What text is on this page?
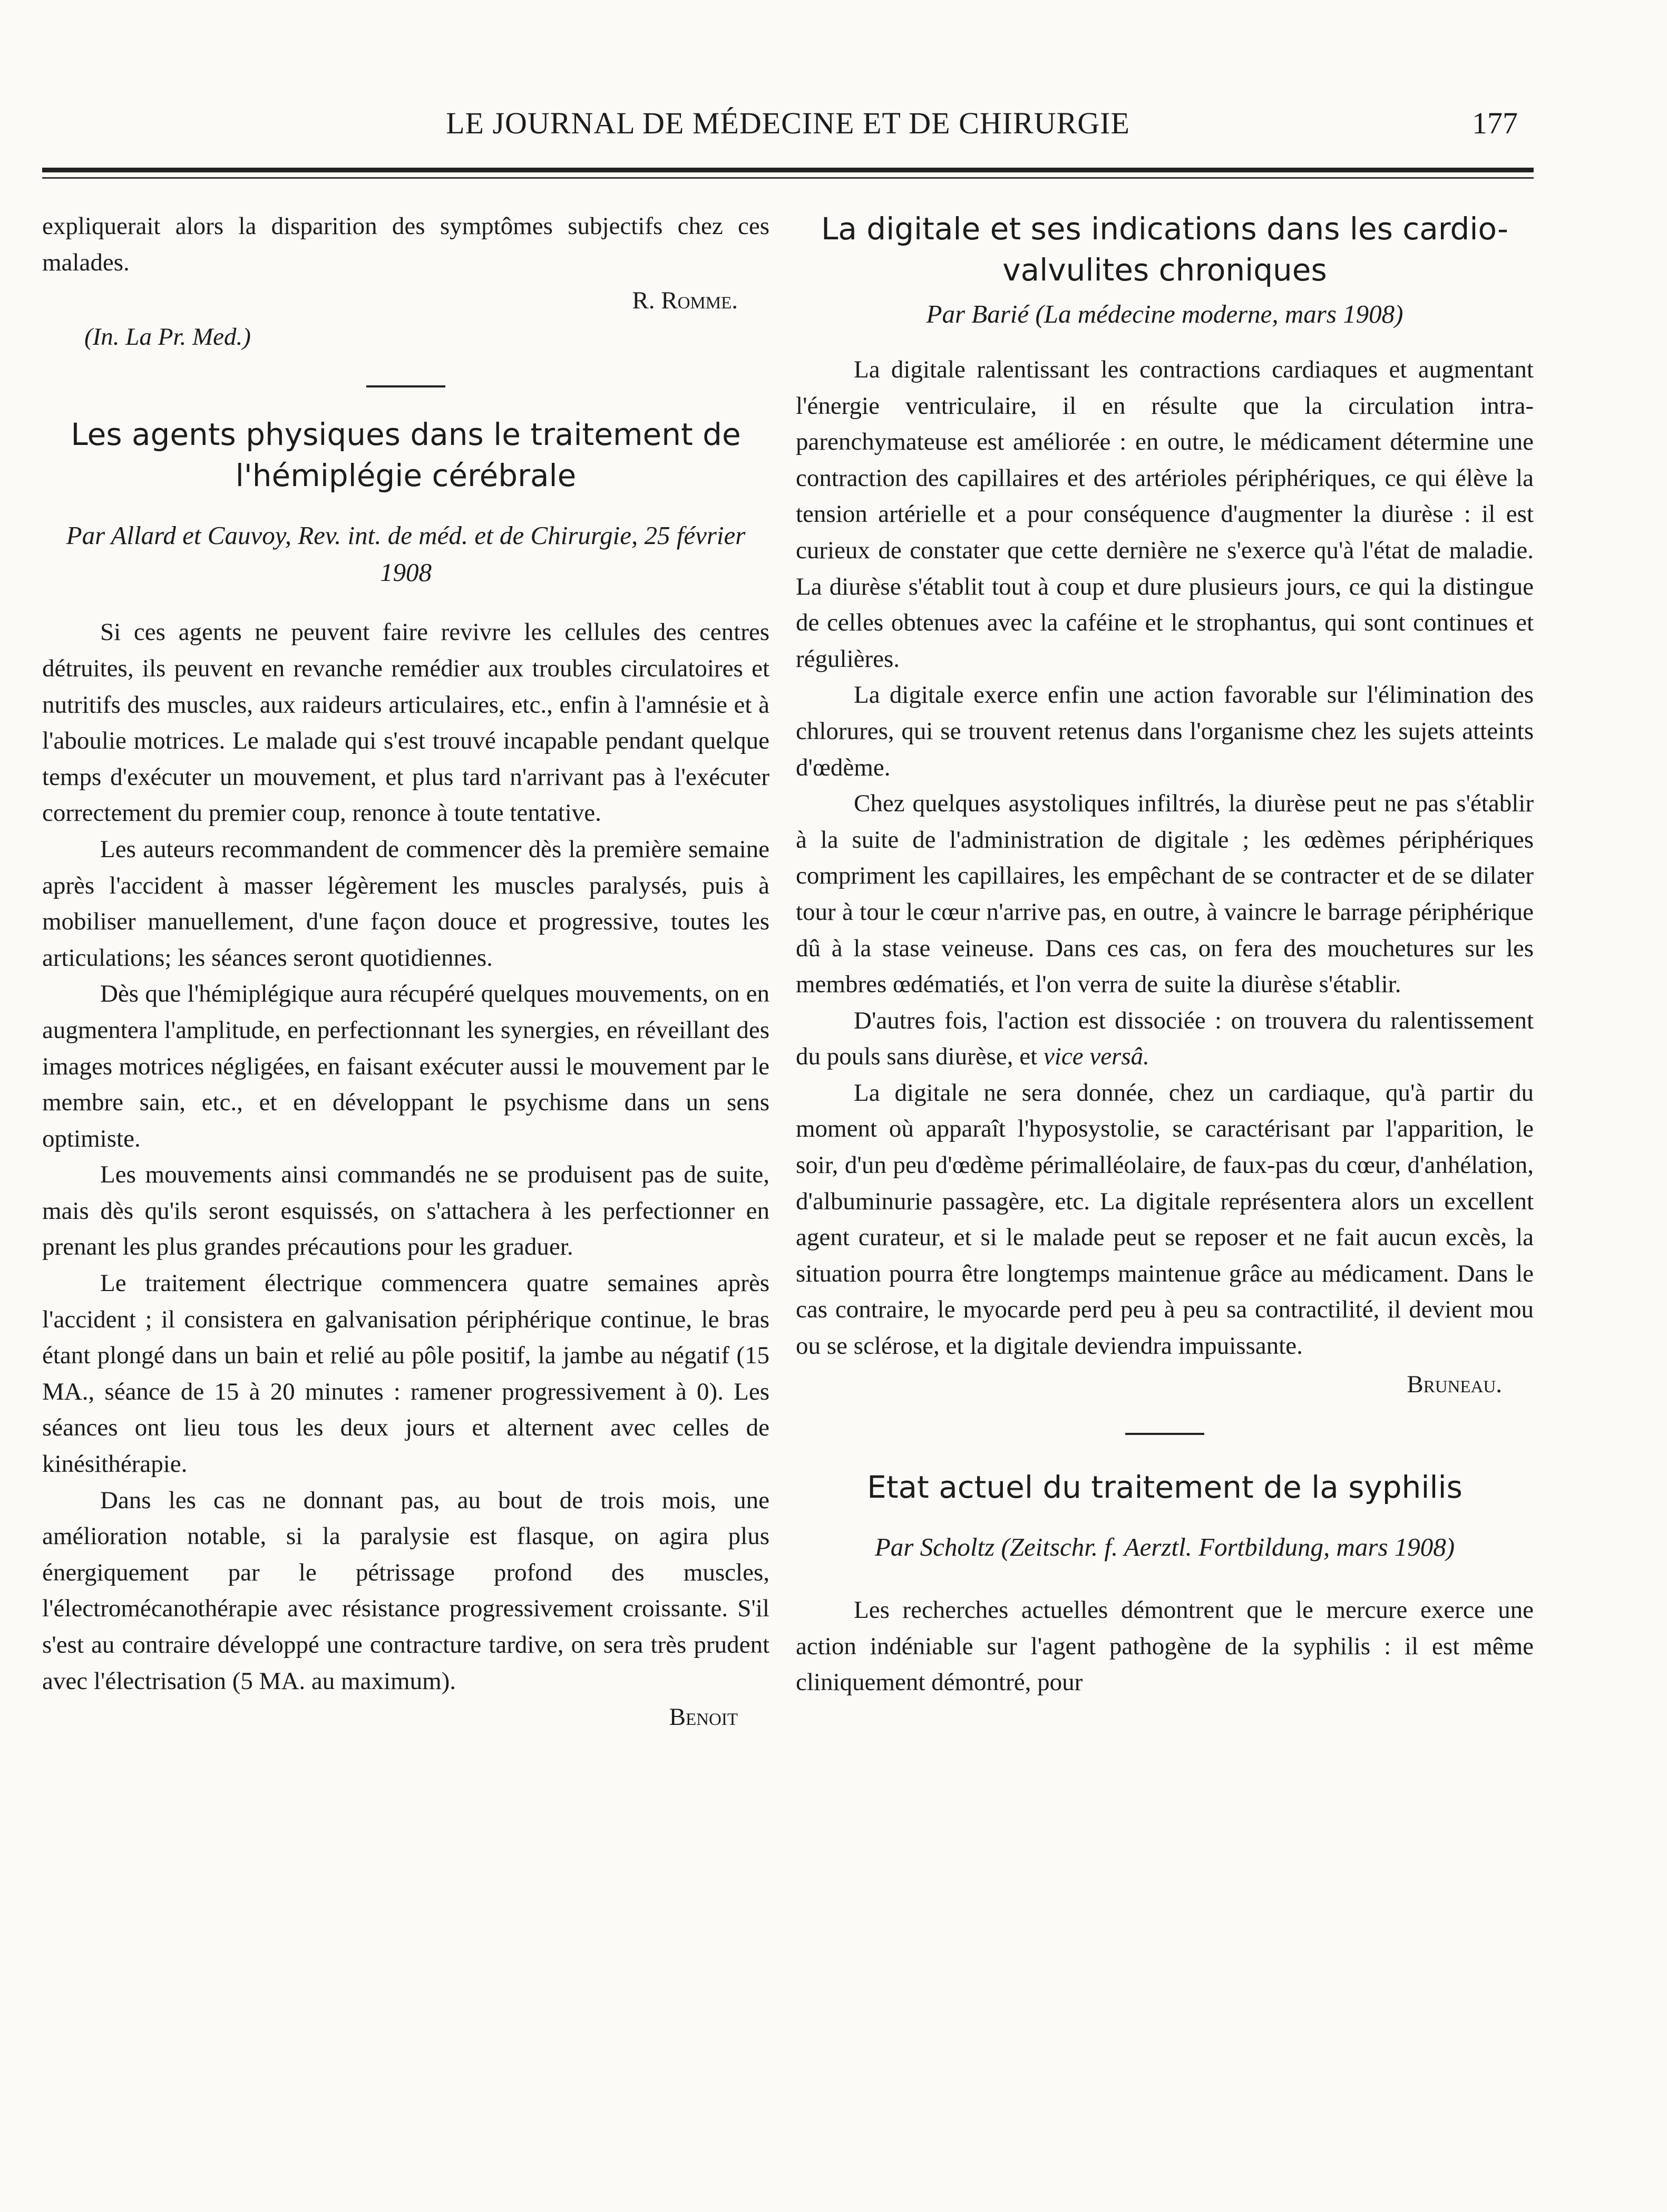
LE JOURNAL DE MÉDECINE ET DE CHIRURGIE	177

expliquerait alors la disparition des symptômes subjectifs chez ces malades.

R. Romme.

(In. La Pr. Med.)

Les agents physiques dans le traitement de l'hémiplégie cérébrale

Par Allard et Cauvoy, Rev. int. de méd. et de Chirurgie, 25 février 1908

Si ces agents ne peuvent faire revivre les cellules des centres détruites, ils peuvent en revanche remédier aux troubles circulatoires et nutritifs des muscles, aux raideurs articulaires, etc., enfin à l'amnésie et à l'aboulie motrices. Le malade qui s'est trouvé incapable pendant quelque temps d'exécuter un mouvement, et plus tard n'arrivant pas à l'exécuter correctement du premier coup, renonce à toute tentative.

Les auteurs recommandent de commencer dès la première semaine après l'accident à masser légèrement les muscles paralysés, puis à mobiliser manuellement, d'une façon douce et progressive, toutes les articulations; les séances seront quotidiennes.

Dès que l'hémiplégique aura récupéré quelques mouvements, on en augmentera l'amplitude, en perfectionnant les synergies, en réveillant des images motrices négligées, en faisant exécuter aussi le mouvement par le membre sain, etc., et en développant le psychisme dans un sens optimiste.

Les mouvements ainsi commandés ne se produisent pas de suite, mais dès qu'ils seront esquissés, on s'attachera à les perfectionner en prenant les plus grandes précautions pour les graduer.

Le traitement électrique commencera quatre semaines après l'accident ; il consistera en galvanisation périphérique continue, le bras étant plongé dans un bain et relié au pôle positif, la jambe au négatif (15 MA., séance de 15 à 20 minutes : ramener progressivement à 0). Les séances ont lieu tous les deux jours et alternent avec celles de kinésithérapie.

Dans les cas ne donnant pas, au bout de trois mois, une amélioration notable, si la paralysie est flasque, on agira plus énergiquement par le pétrissage profond des muscles, l'électromécanothérapie avec résistance progressivement croissante. S'il s'est au contraire développé une contracture tardive, on sera très prudent avec l'électrisation (5 MA. au maximum).

Benoit

La digitale et ses indications dans les cardio-valvulites chroniques

Par Barié (La médecine moderne, mars 1908)

La digitale ralentissant les contractions cardiaques et augmentant l'énergie ventriculaire, il en résulte que la circulation intra-parenchymateuse est améliorée : en outre, le médicament détermine une contraction des capillaires et des artérioles périphériques, ce qui élève la tension artérielle et a pour conséquence d'augmenter la diurèse : il est curieux de constater que cette dernière ne s'exerce qu'à l'état de maladie. La diurèse s'établit tout à coup et dure plusieurs jours, ce qui la distingue de celles obtenues avec la caféine et le strophantus, qui sont continues et régulières.

La digitale exerce enfin une action favorable sur l'élimination des chlorures, qui se trouvent retenus dans l'organisme chez les sujets atteints d'œdème.

Chez quelques asystoliques infiltrés, la diurèse peut ne pas s'établir à la suite de l'administration de digitale ; les œdèmes périphériques compriment les capillaires, les empêchant de se contracter et de se dilater tour à tour le cœur n'arrive pas, en outre, à vaincre le barrage périphérique dû à la stase veineuse. Dans ces cas, on fera des mouchetures sur les membres œdématiés, et l'on verra de suite la diurèse s'établir.

D'autres fois, l'action est dissociée : on trouvera du ralentissement du pouls sans diurèse, et vice versâ.

La digitale ne sera donnée, chez un cardiaque, qu'à partir du moment où apparaît l'hyposystolie, se caractérisant par l'apparition, le soir, d'un peu d'œdème périmalléolaire, de faux-pas du cœur, d'anhélation, d'albuminurie passagère, etc. La digitale représentera alors un excellent agent curateur, et si le malade peut se reposer et ne fait aucun excès, la situation pourra être longtemps maintenue grâce au médicament. Dans le cas contraire, le myocarde perd peu à peu sa contractilité, il devient mou ou se sclérose, et la digitale deviendra impuissante.

Bruneau.

Etat actuel du traitement de la syphilis

Par Scholtz (Zeitschr. f. Aerztl. Fortbildung, mars 1908)

Les recherches actuelles démontrent que le mercure exerce une action indéniable sur l'agent pathogène de la syphilis : il est même cliniquement démontré, pour
